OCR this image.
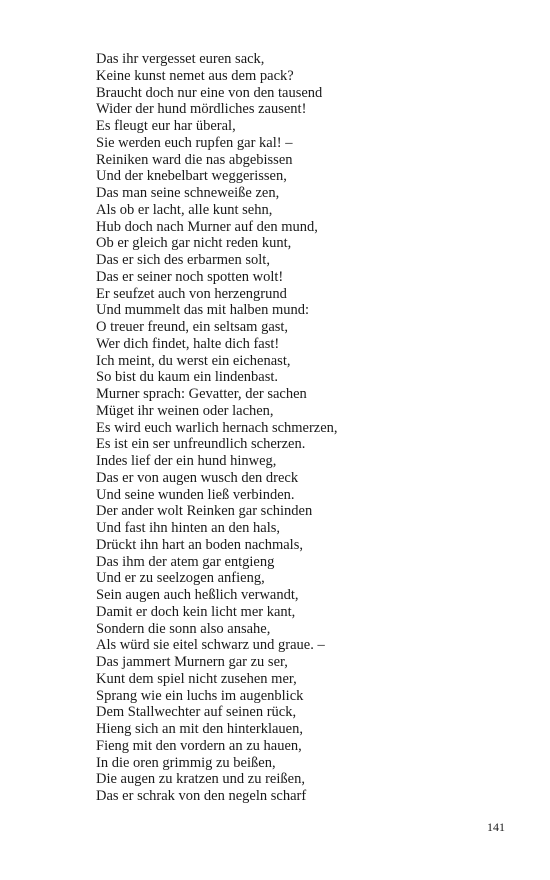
Das ihr vergesset euren sack,
Keine kunst nemet aus dem pack?
Braucht doch nur eine von den tausend
Wider der hund mördliches zausent!
Es fleugt eur har überal,
Sie werden euch rupfen gar kal! –
Reiniken ward die nas abgebissen
Und der knebelbart weggerissen,
Das man seine schneweiße zen,
Als ob er lacht, alle kunt sehn,
Hub doch nach Murner auf den mund,
Ob er gleich gar nicht reden kunt,
Das er sich des erbarmen solt,
Das er seiner noch spotten wolt!
Er seufzet auch von herzengrund
Und mummelt das mit halben mund:
O treuer freund, ein seltsam gast,
Wer dich findet, halte dich fast!
Ich meint, du werst ein eichenast,
So bist du kaum ein lindenbast.
Murner sprach: Gevatter, der sachen
Müget ihr weinen oder lachen,
Es wird euch warlich hernach schmerzen,
Es ist ein ser unfreundlich scherzen.
Indes lief der ein hund hinweg,
Das er von augen wusch den dreck
Und seine wunden ließ verbinden.
Der ander wolt Reinken gar schinden
Und fast ihn hinten an den hals,
Drückt ihn hart an boden nachmals,
Das ihm der atem gar entgieng
Und er zu seelzogen anfieng,
Sein augen auch heßlich verwandt,
Damit er doch kein licht mer kant,
Sondern die sonn also ansahe,
Als würd sie eitel schwarz und graue. –
Das jammert Murnern gar zu ser,
Kunt dem spiel nicht zusehen mer,
Sprang wie ein luchs im augenblick
Dem Stallwechter auf seinen rück,
Hieng sich an mit den hinterklauen,
Fieng mit den vordern an zu hauen,
In die oren grimmig zu beißen,
Die augen zu kratzen und zu reißen,
Das er schrak von den negeln scharf
141
